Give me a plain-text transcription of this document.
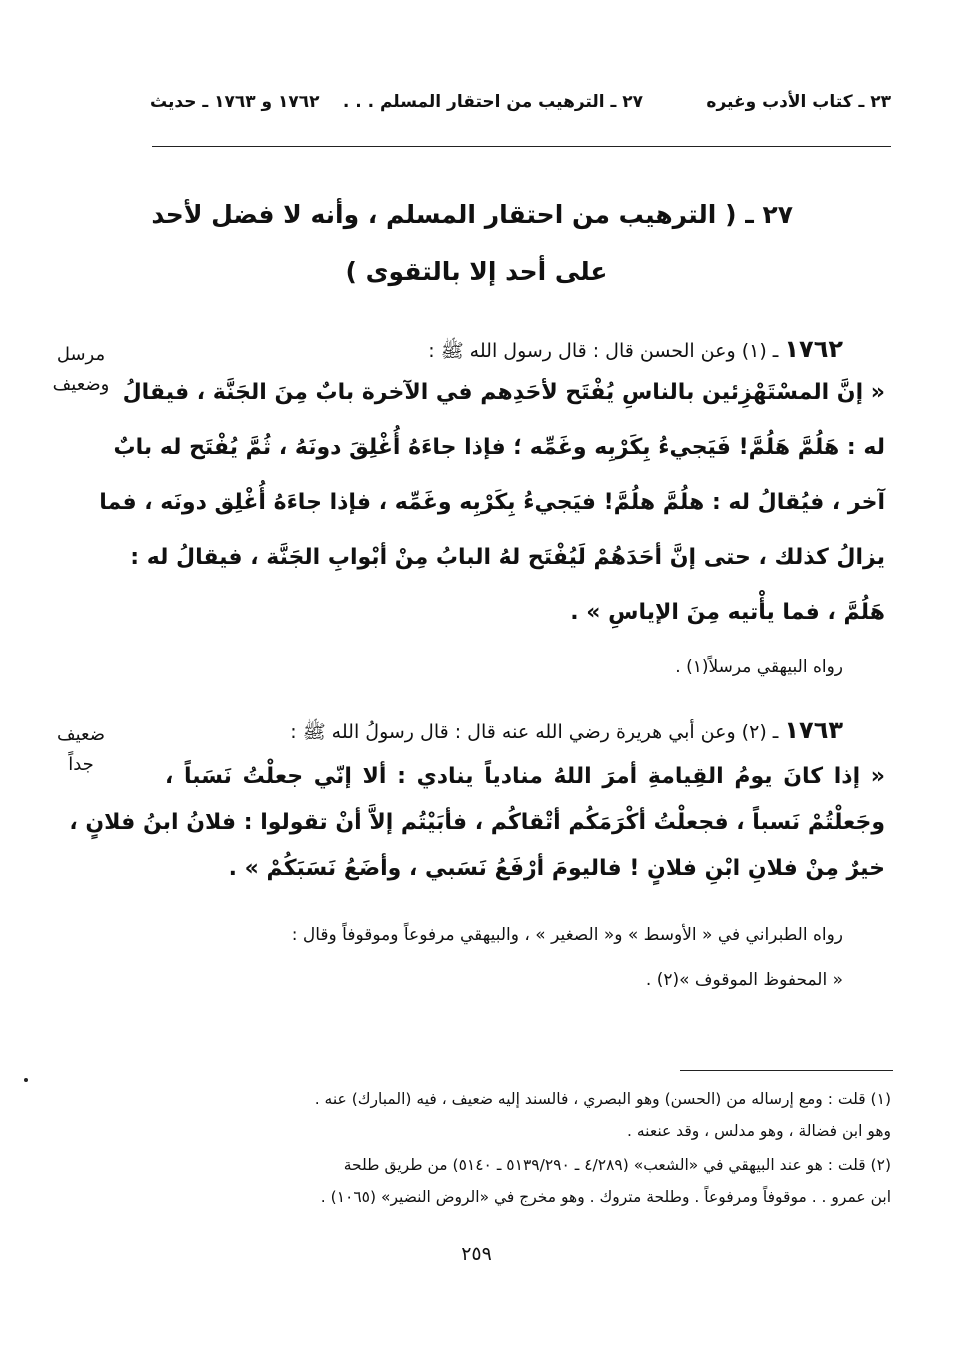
٢٣ ـ كتاب الأدب وغيره
٢٧ ـ الترهيب من احتقار المسلم . . .
١٧٦٢ و ١٧٦٣ ـ حديث
٢٧ ـ ( الترهيب من احتقار المسلم ، وأنه لا فضل لأحد
على أحد إلا بالتقوى )
مرسل
وضعيف
١٧٦٢ ـ (١) وعن الحسن قال : قال رسول الله ﷺ :
« إنَّ المسْتَهْزِئين بالناسِ يُفْتَح لأحَدِهم في الآخرة بابٌ مِنَ الجَنَّة ، فيقالُ
له : هَلُمَّ هَلُمَّ! فَيَجيءُ بِكَرْبِه وغَمِّه ؛ فإذا جاءَهُ أُغْلِقَ دونَهُ ، ثُمَّ يُفْتَح له بابٌ
آخر ، فيُقالُ له : هلُمَّ هلُمَّ! فيَجيءُ بِكَرْبِه وغَمِّه ، فإذا جاءَهُ أُغْلِق دونَه ، فما
يزالُ كذلك ، حتى إنَّ أحَدَهُمْ لَيُفْتَح لهُ البابُ مِنْ أبْوابِ الجَنَّة ، فيقالُ له :
هَلُمَّ ، فما يأْتيه مِنَ الإياسِ » .
رواه البيهقي مرسلاً(١) .
ضعيف
جداً
١٧٦٣ ـ (٢) وعن أبي هريرة رضي الله عنه قال : قال رسولُ الله ﷺ :
« إذا كانَ يومُ القِيامةِ أمرَ اللهُ منادياً ينادي : ألا إنّي جعلْتُ نَسَباً ،
وجَعلْتُمْ نَسباً ، فجعلْتُ أكْرَمَكُم أتْقاكُم ، فأبَيْتُم إلاَّ أنْ تقولوا : فلانُ ابنُ فلانٍ ،
خيرٌ مِنْ فلانِ ابْنِ فلانٍ ! فاليومَ أرْفَعُ نَسَبي ، وأضَعُ نَسَبَكُمْ » .
رواه الطبراني في « الأوسط » و« الصغير » ، والبيهقي مرفوعاً وموقوفاً وقال :
« المحفوظ الموقوف »(٢) .
(١) قلت : ومع إرساله من (الحسن) وهو البصري ، فالسند إليه ضعيف ، فيه (المبارك) عنه .
وهو ابن فضالة ، وهو مدلس ، وقد عنعنه .
(٢) قلت : هو عند البيهقي في «الشعب» (٤/٢٨٩ ـ ٥١٣٩/٢٩٠ ـ ٥١٤٠) من طريق طلحة
ابن عمرو . . موقوفاً ومرفوعاً . وطلحة متروك . وهو مخرج في «الروض النضير» (١٠٦٥) .
٢٥٩
